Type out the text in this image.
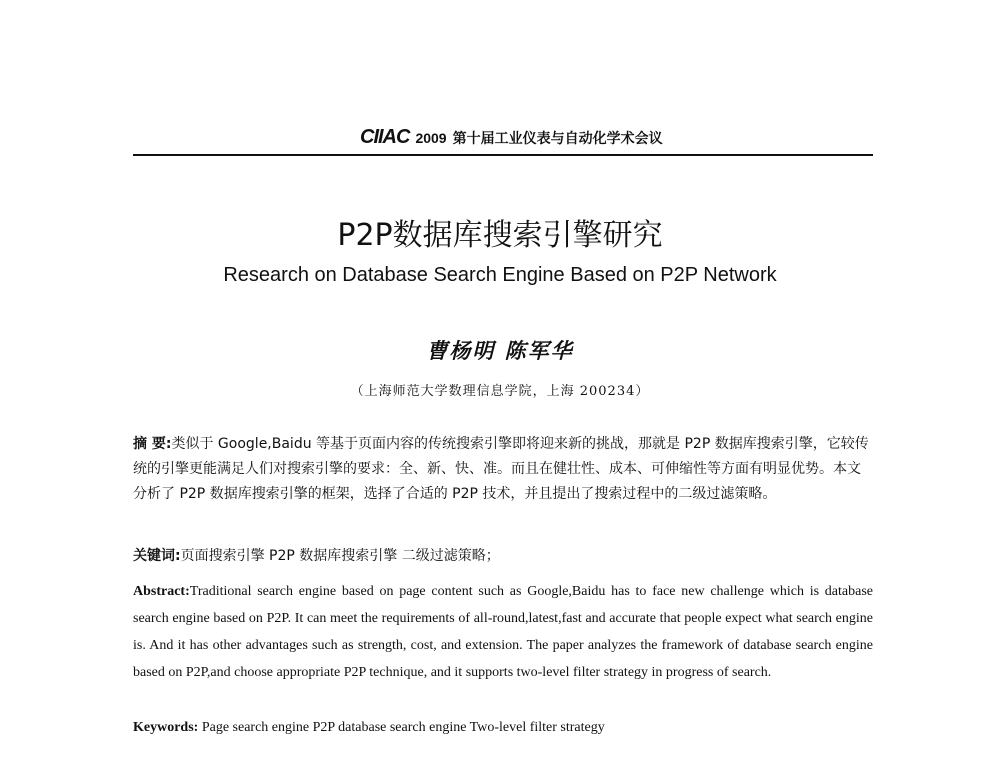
CIIAC 2009 第十届工业仪表与自动化学术会议
P2P数据库搜索引擎研究
Research on Database Search Engine Based on P2P Network
曹杨明 陈军华
（上海师范大学数理信息学院，上海 200234）
摘 要:类似于 Google,Baidu 等基于页面内容的传统搜索引擎即将迎来新的挑战，那就是 P2P 数据库搜索引擎，它较传统的引擎更能满足人们对搜索引擎的要求：全、新、快、准。而且在健壮性、成本、可伸缩性等方面有明显优势。本文分析了 P2P 数据库搜索引擎的框架，选择了合适的 P2P 技术，并且提出了搜索过程中的二级过滤策略。
关键词:页面搜索引擎 P2P 数据库搜索引擎 二级过滤策略；
Abstract:Traditional search engine based on page content such as Google,Baidu has to face new challenge which is database search engine based on P2P. It can meet the requirements of all-round,latest,fast and accurate that people expect what search engine is. And it has other advantages such as strength, cost, and extension. The paper analyzes the framework of database search engine based on P2P,and choose appropriate P2P technique, and it supports two-level filter strategy in progress of search.
Keywords: Page search engine P2P database search engine Two-level filter strategy
